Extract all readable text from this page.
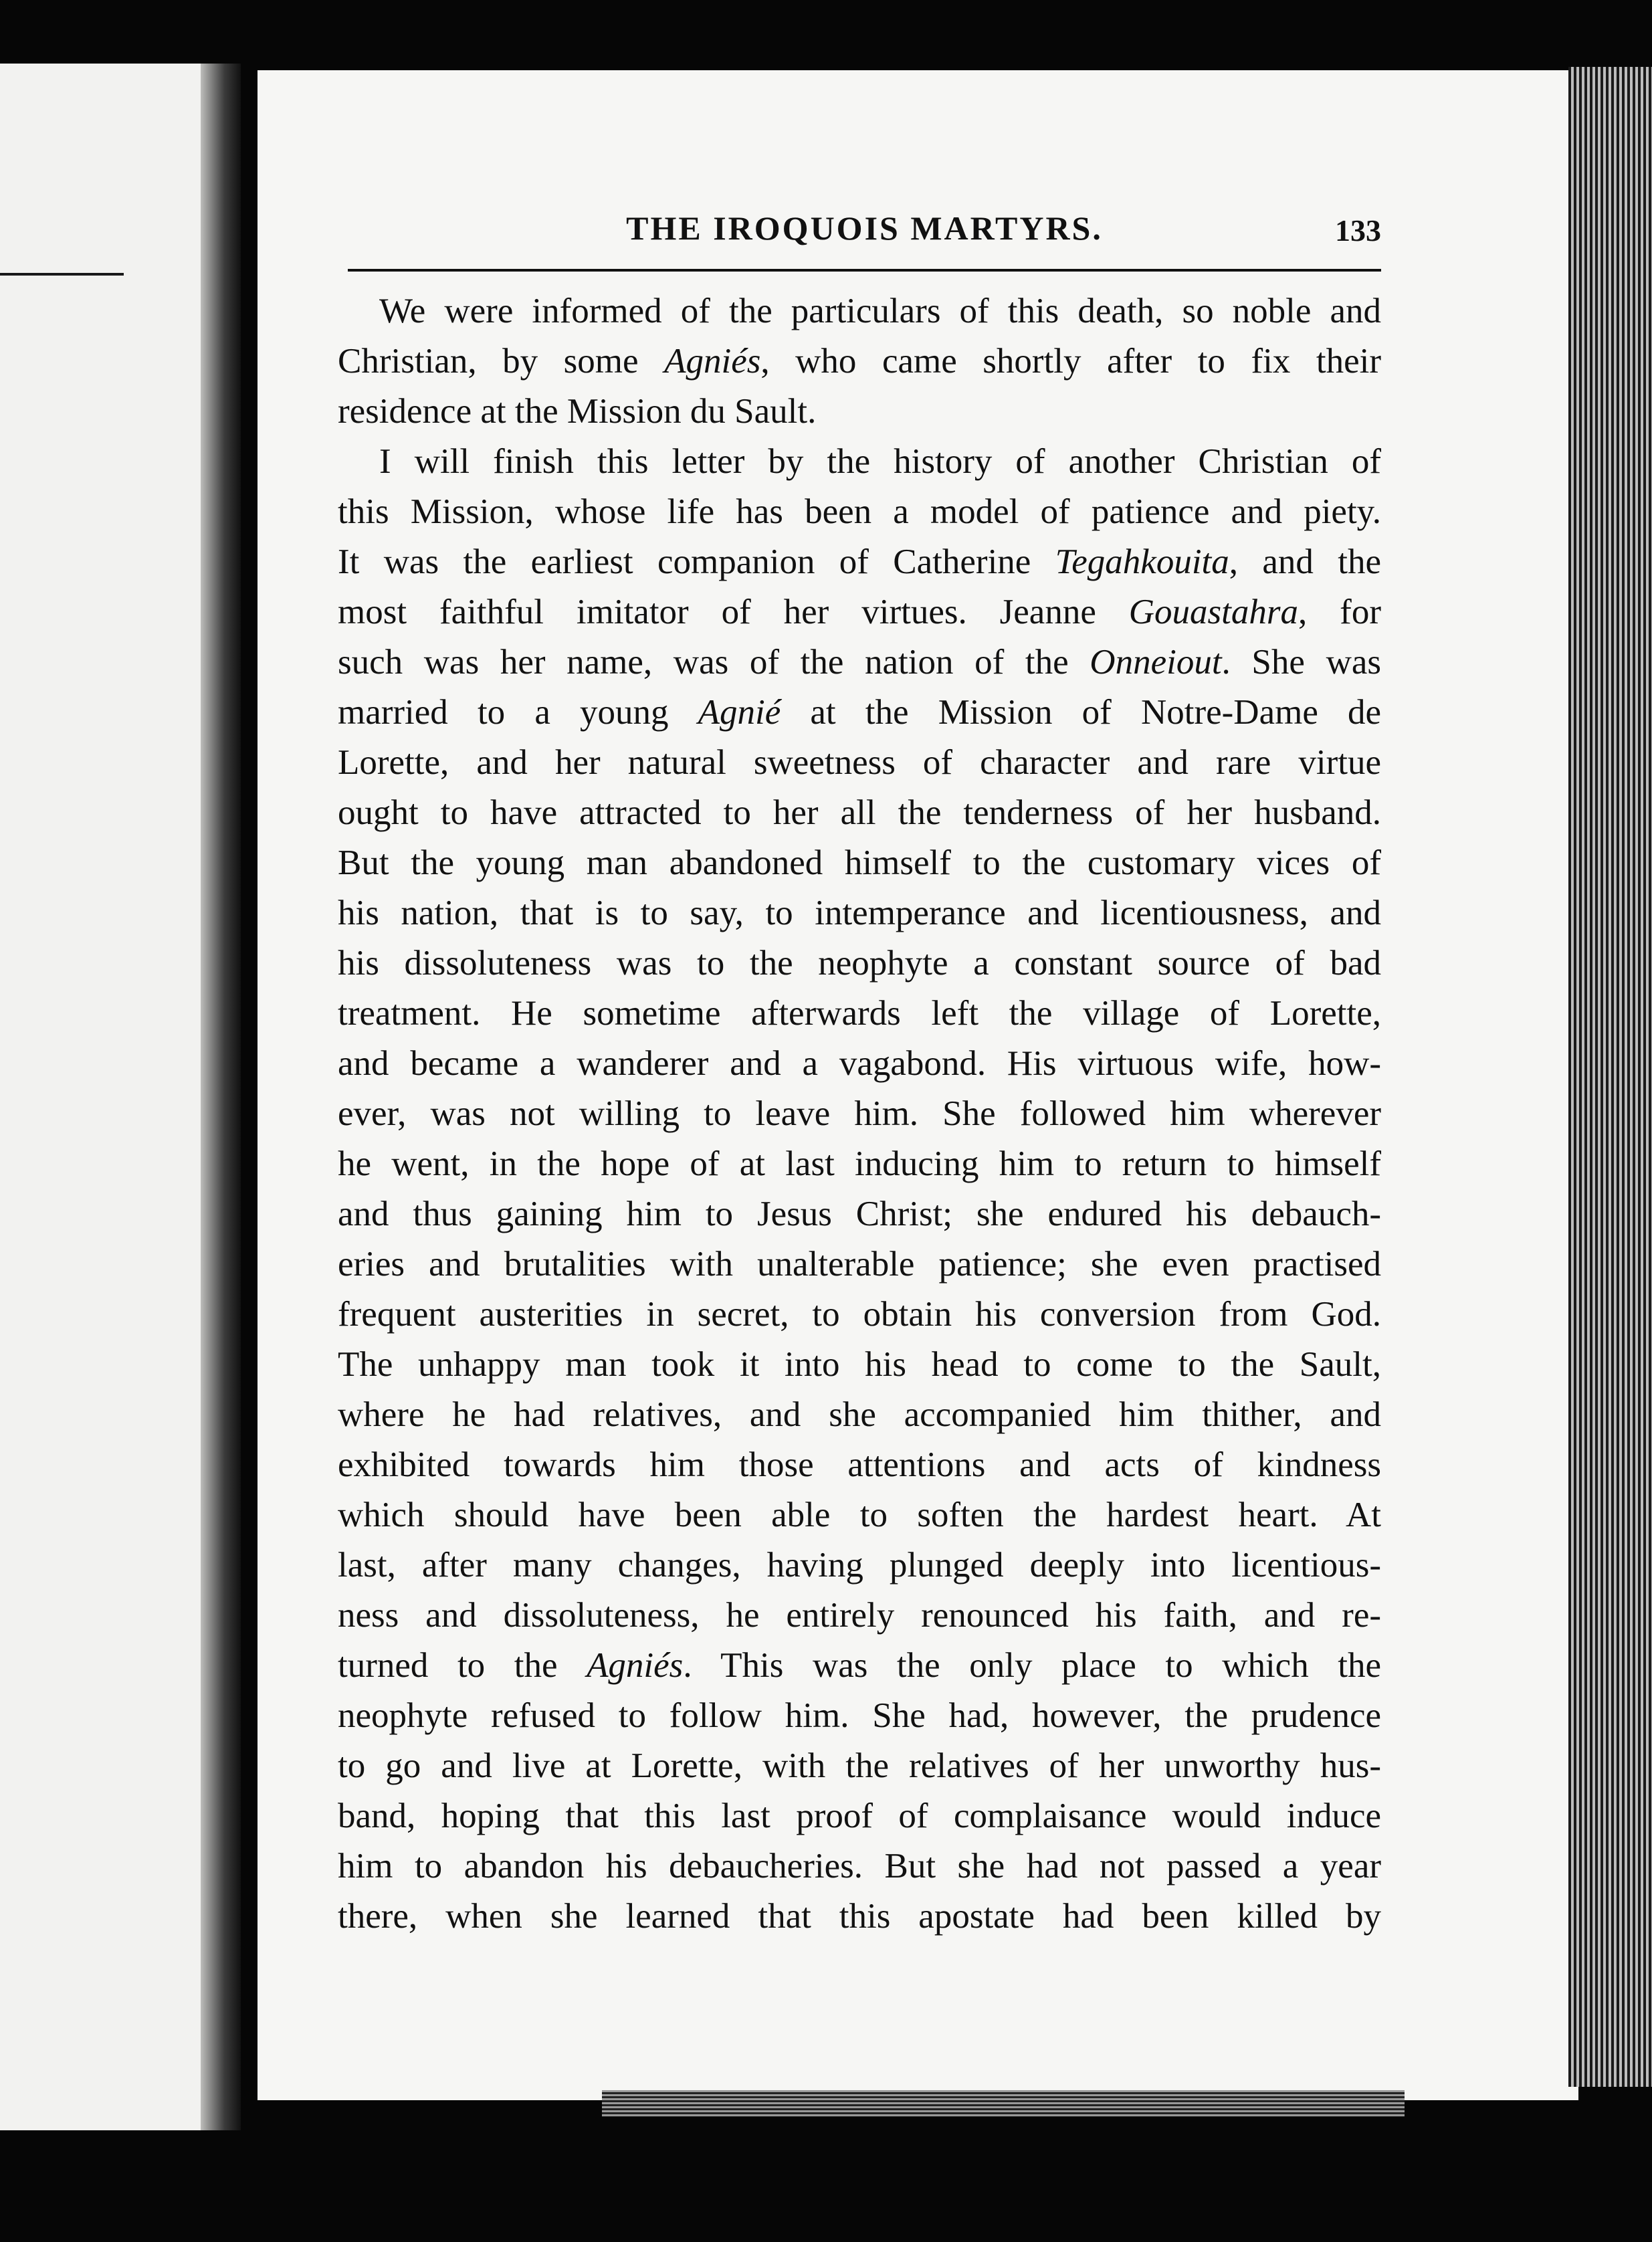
THE IROQUOIS MARTYRS.	133
We were informed of the particulars of this death, so noble and
Christian, by some Agniés, who came shortly after to fix their
residence at the Mission du Sault.
I will finish this letter by the history of another Christian of
this Mission, whose life has been a model of patience and piety.
It was the earliest companion of Catherine Tegahkouita, and the
most faithful imitator of her virtues. Jeanne Gouastahra, for
such was her name, was of the nation of the Onneiout. She was
married to a young Agnié at the Mission of Notre-Dame de
Lorette, and her natural sweetness of character and rare virtue
ought to have attracted to her all the tenderness of her husband.
But the young man abandoned himself to the customary vices of
his nation, that is to say, to intemperance and licentiousness, and
his dissoluteness was to the neophyte a constant source of bad
treatment. He sometime afterwards left the village of Lorette,
and became a wanderer and a vagabond. His virtuous wife, how-
ever, was not willing to leave him. She followed him wherever
he went, in the hope of at last inducing him to return to himself
and thus gaining him to Jesus Christ; she endured his debauch-
eries and brutalities with unalterable patience; she even practised
frequent austerities in secret, to obtain his conversion from God.
The unhappy man took it into his head to come to the Sault,
where he had relatives, and she accompanied him thither, and
exhibited towards him those attentions and acts of kindness
which should have been able to soften the hardest heart. At
last, after many changes, having plunged deeply into licentious-
ness and dissoluteness, he entirely renounced his faith, and re-
turned to the Agniés. This was the only place to which the
neophyte refused to follow him. She had, however, the prudence
to go and live at Lorette, with the relatives of her unworthy hus-
band, hoping that this last proof of complaisance would induce
him to abandon his debaucheries. But she had not passed a year
there, when she learned that this apostate had been killed by
